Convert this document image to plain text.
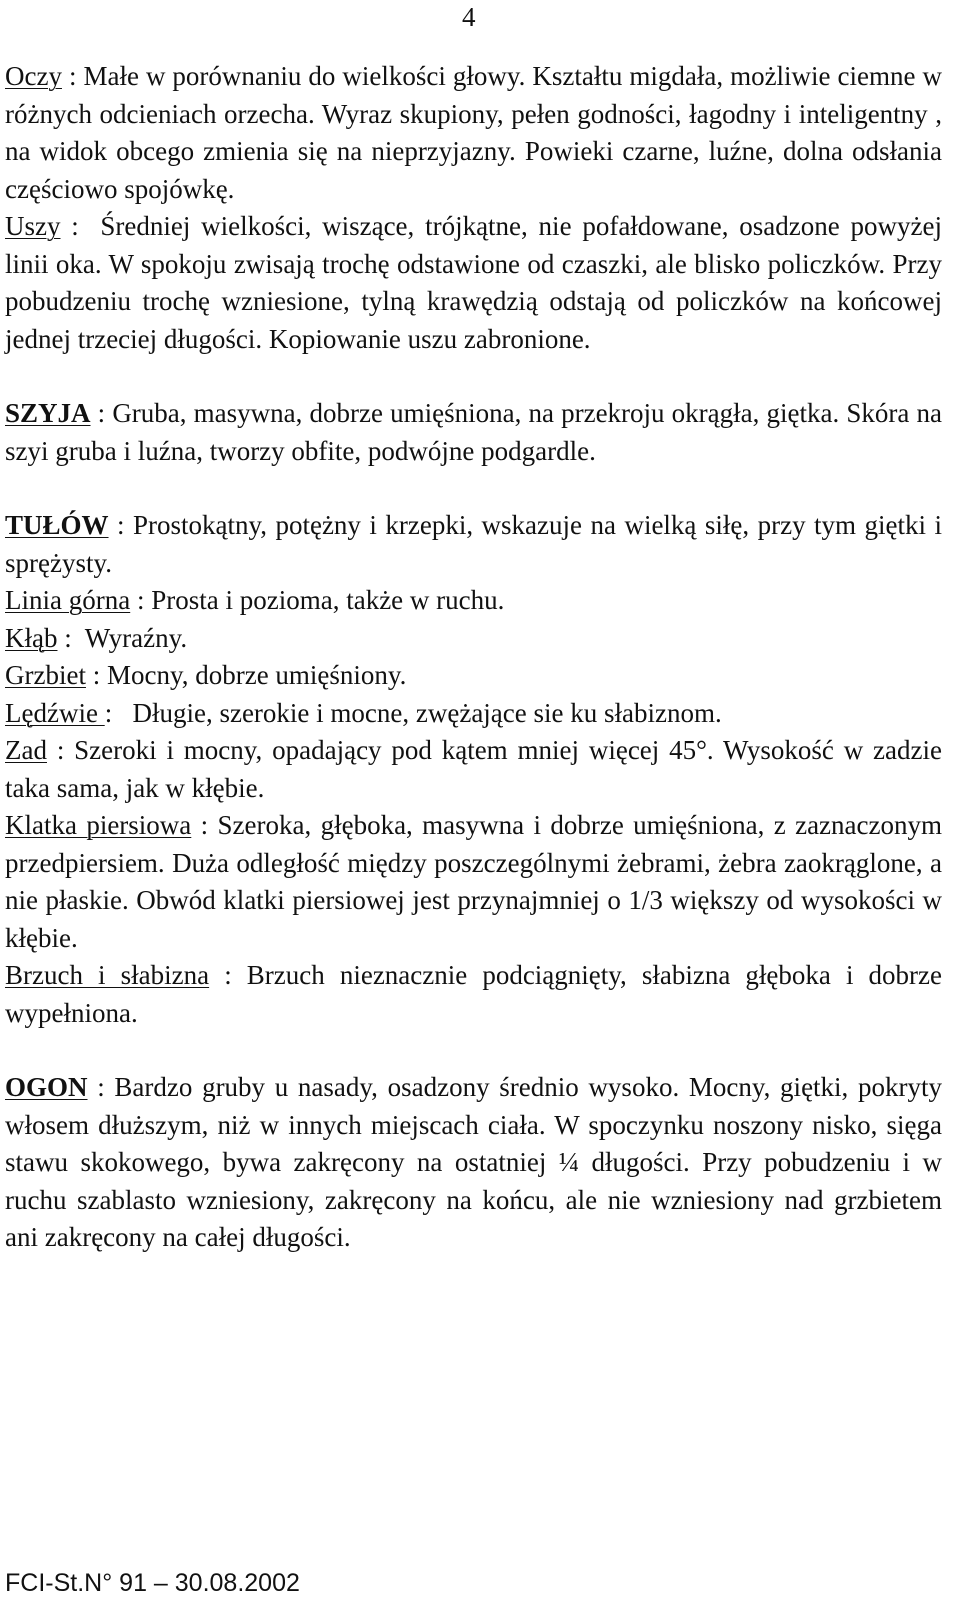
4

Oczy : Małe w porównaniu do wielkości głowy. Kształtu migdała, możliwie ciemne w różnych odcieniach orzecha. Wyraz skupiony, pełen godności, łagodny i inteligentny , na widok obcego zmienia się na nieprzyjazny. Powieki czarne, luźne, dolna odsłania częściowo spojówkę.

Uszy :  Średniej wielkości, wiszące, trójkątne, nie pofałdowane, osadzone powyżej linii oka. W spokoju zwisają trochę odstawione od czaszki, ale blisko policzków. Przy pobudzeniu trochę wzniesione, tylną krawędzią odstają od policzków na końcowej jednej trzeciej długości. Kopiowanie uszu zabronione.

SZYJA : Gruba, masywna, dobrze umięśniona, na przekroju okrągła, giętka. Skóra na szyi gruba i luźna, tworzy obfite, podwójne podgardle.

TUŁÓW : Prostokątny, potężny i krzepki, wskazuje na wielką siłę, przy tym giętki i sprężysty.

Linia górna : Prosta i pozioma, także w ruchu.

Kłąb :  Wyraźny.

Grzbiet : Mocny, dobrze umięśniony.

Lędźwie :   Długie, szerokie i mocne, zwężające sie ku słabiznom.

Zad : Szeroki i mocny, opadający pod kątem mniej więcej 45°. Wysokość w zadzie taka sama, jak w kłębie.

Klatka piersiowa : Szeroka, głęboka, masywna i dobrze umięśniona, z zaznaczonym przedpiersiem. Duża odległość między poszczególnymi żebrami, żebra zaokrąglone, a nie płaskie. Obwód klatki piersiowej jest przynajmniej o 1/3 większy od wysokości w kłębie.

Brzuch i słabizna : Brzuch nieznacznie podciągnięty, słabizna głęboka i dobrze wypełniona.

OGON : Bardzo gruby u nasady, osadzony średnio wysoko. Mocny, giętki, pokryty włosem dłuższym, niż w innych miejscach ciała. W spoczynku noszony nisko, sięga stawu skokowego, bywa zakręcony na ostatniej ¼ długości. Przy pobudzeniu i w ruchu szablasto wzniesiony, zakręcony na końcu, ale nie wzniesiony nad grzbietem ani zakręcony na całej długości.

FCI-St.N° 91 – 30.08.2002
